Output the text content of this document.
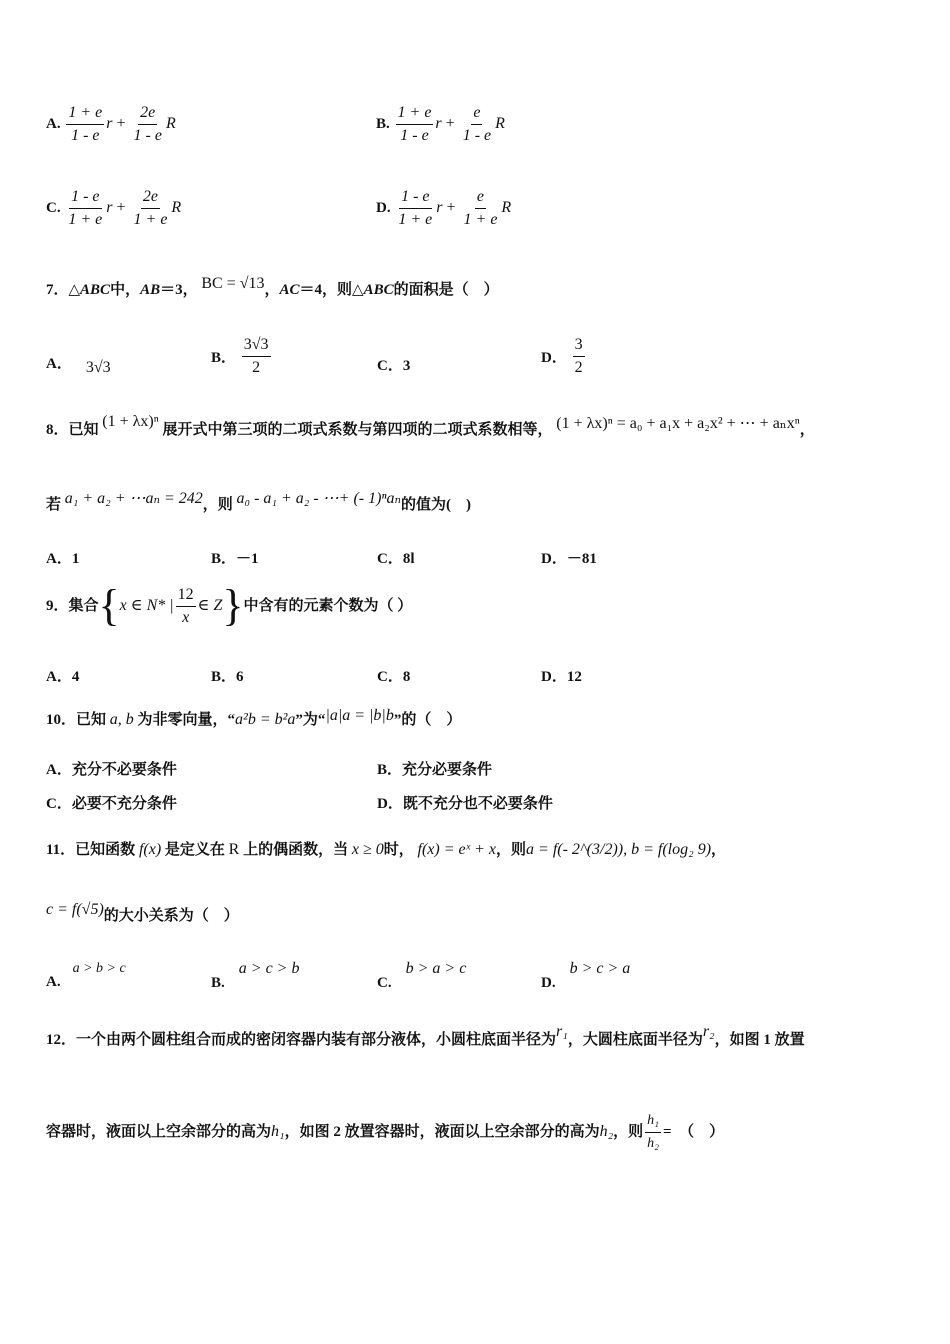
A. $\frac{1 + e}{1 - e}$ $r + \frac{2e}{1 - e}$ R	B. $\frac{1 + e}{1 - e}$ $r + \frac{e}{1 - e}$ R
C. $\frac{1 - e}{1 + e}$ $r + \frac{2e}{1 + e}$ R	D. $\frac{1 - e}{1 + e}$ $r + \frac{e}{1 + e}$ R
7．△ABC中，AB＝3， BC = √13，AC＝4，则△ABC的面积是（　）
A． 3√3
B． $\frac{3√3}{2}$	C．3	D． $\frac{3}{2}$
8．已知 (1 + λx)ⁿ 展开式中第三项的二项式系数与第四项的二项式系数相等， (1 + λx)ⁿ = a₀ + a₁x + a₂x² + ⋯ + aₙxⁿ，
若 a₁ + a₂ + ⋯aₙ = 242，则 a₀ - a₁ + a₂ - ⋯+ (- 1)ⁿaₙ的值为(　)
A．1	B．－1	C．8l	D．－81
9．集合 { x ∈ N* | $\frac{12}{x}$ ∈ Z } 中含有的元素个数为（ ）
A．4	B．6	C．8	D．12
10．已知 a, b 为非零向量，“a²b = b²a”为“|a|a = |b|b”的（　）
A．充分不必要条件	B．充分必要条件
C．必要不充分条件	D．既不充分也不必要条件
11．已知函数 f(x) 是定义在 R 上的偶函数，当 x ≥ 0时， f(x) = eˣ + x，则a = f(- 2^(3/2)), b = f(log₂ 9)，
c = f(√5)的大小关系为（　）
A.a > b > c
B.a > c > b
C.b > a > c
D.b > c > a
12．一个由两个圆柱组合而成的密闭容器内装有部分液体，小圆柱底面半径为r₁，大圆柱底面半径为r₂，如图 1 放置
容器时，液面以上空余部分的高为 h₁ ，如图 2 放置容器时，液面以上空余部分的高为 h₂ ，则 $\frac{\text{h₁}}{\text{h₂}}$ =　（　）
